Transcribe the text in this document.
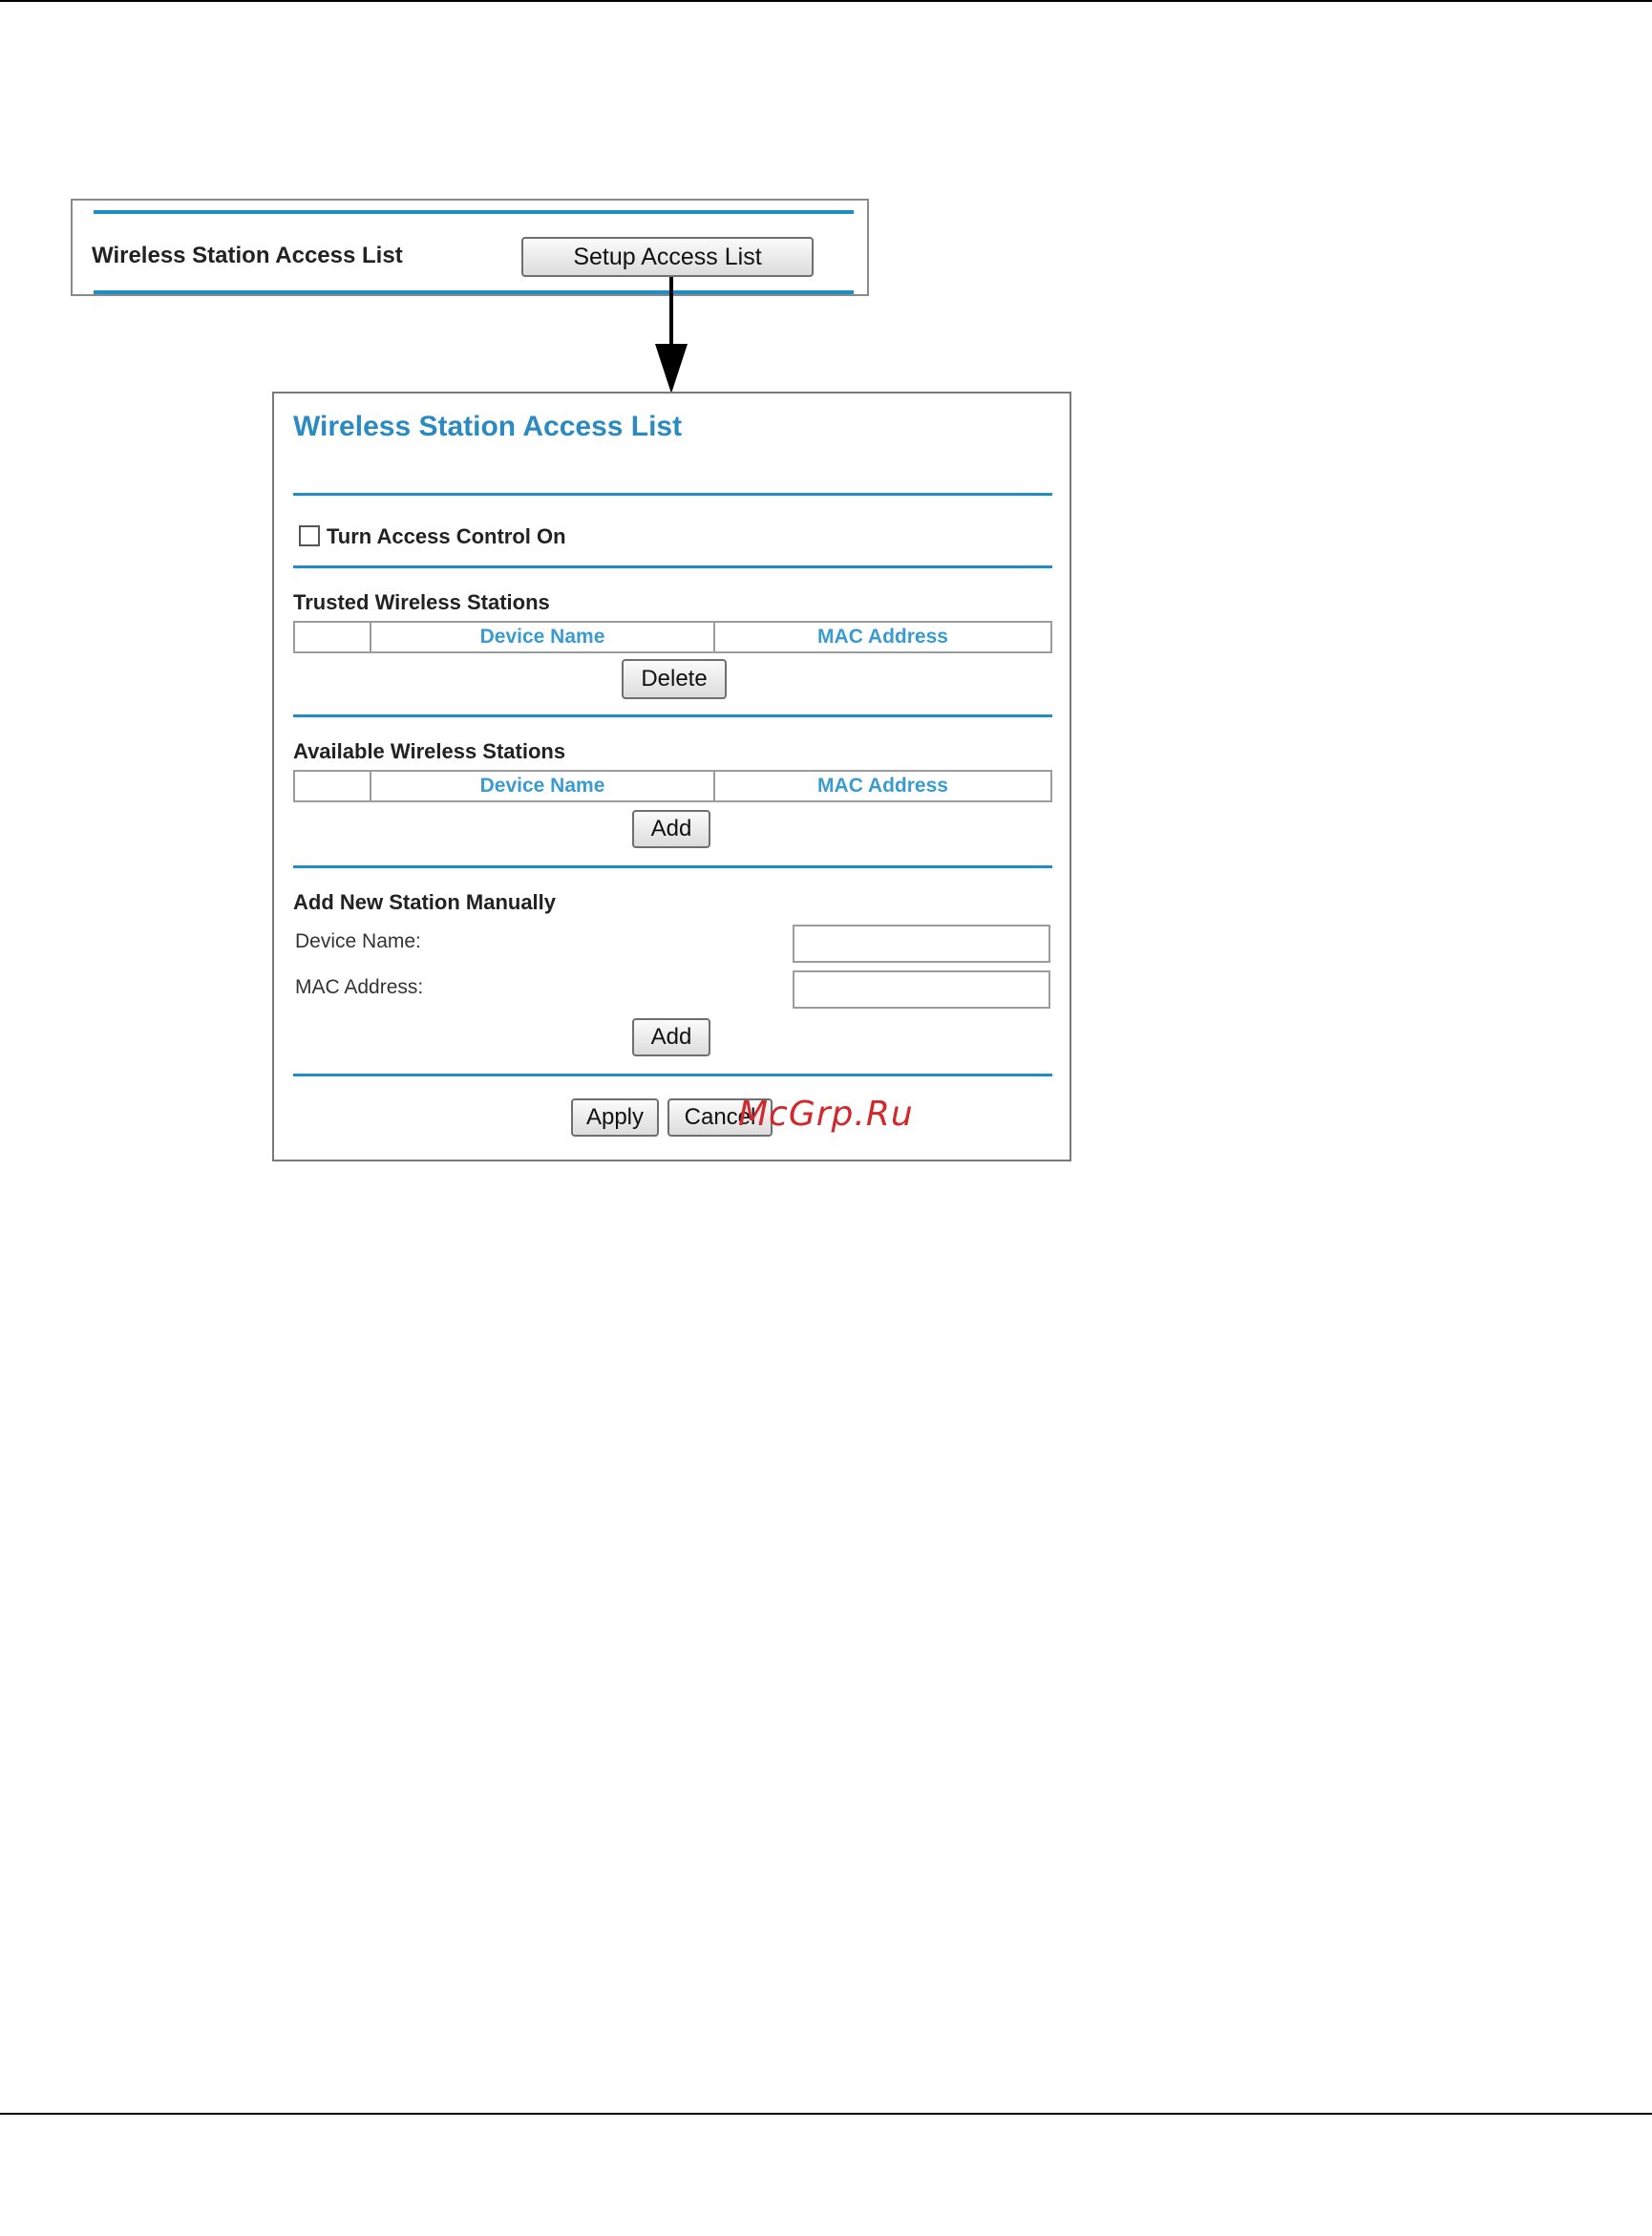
Wireless Station Access List	Setup Access List
Wireless Station Access List
Turn Access Control On
Trusted Wireless Stations
Device Name	MAC Address
Delete
Available Wireless Stations
Device Name	MAC Address
Add
Add New Station Manually
Device Name:
MAC Address:
Add
Apply	Cancel
McGrp.Ru
